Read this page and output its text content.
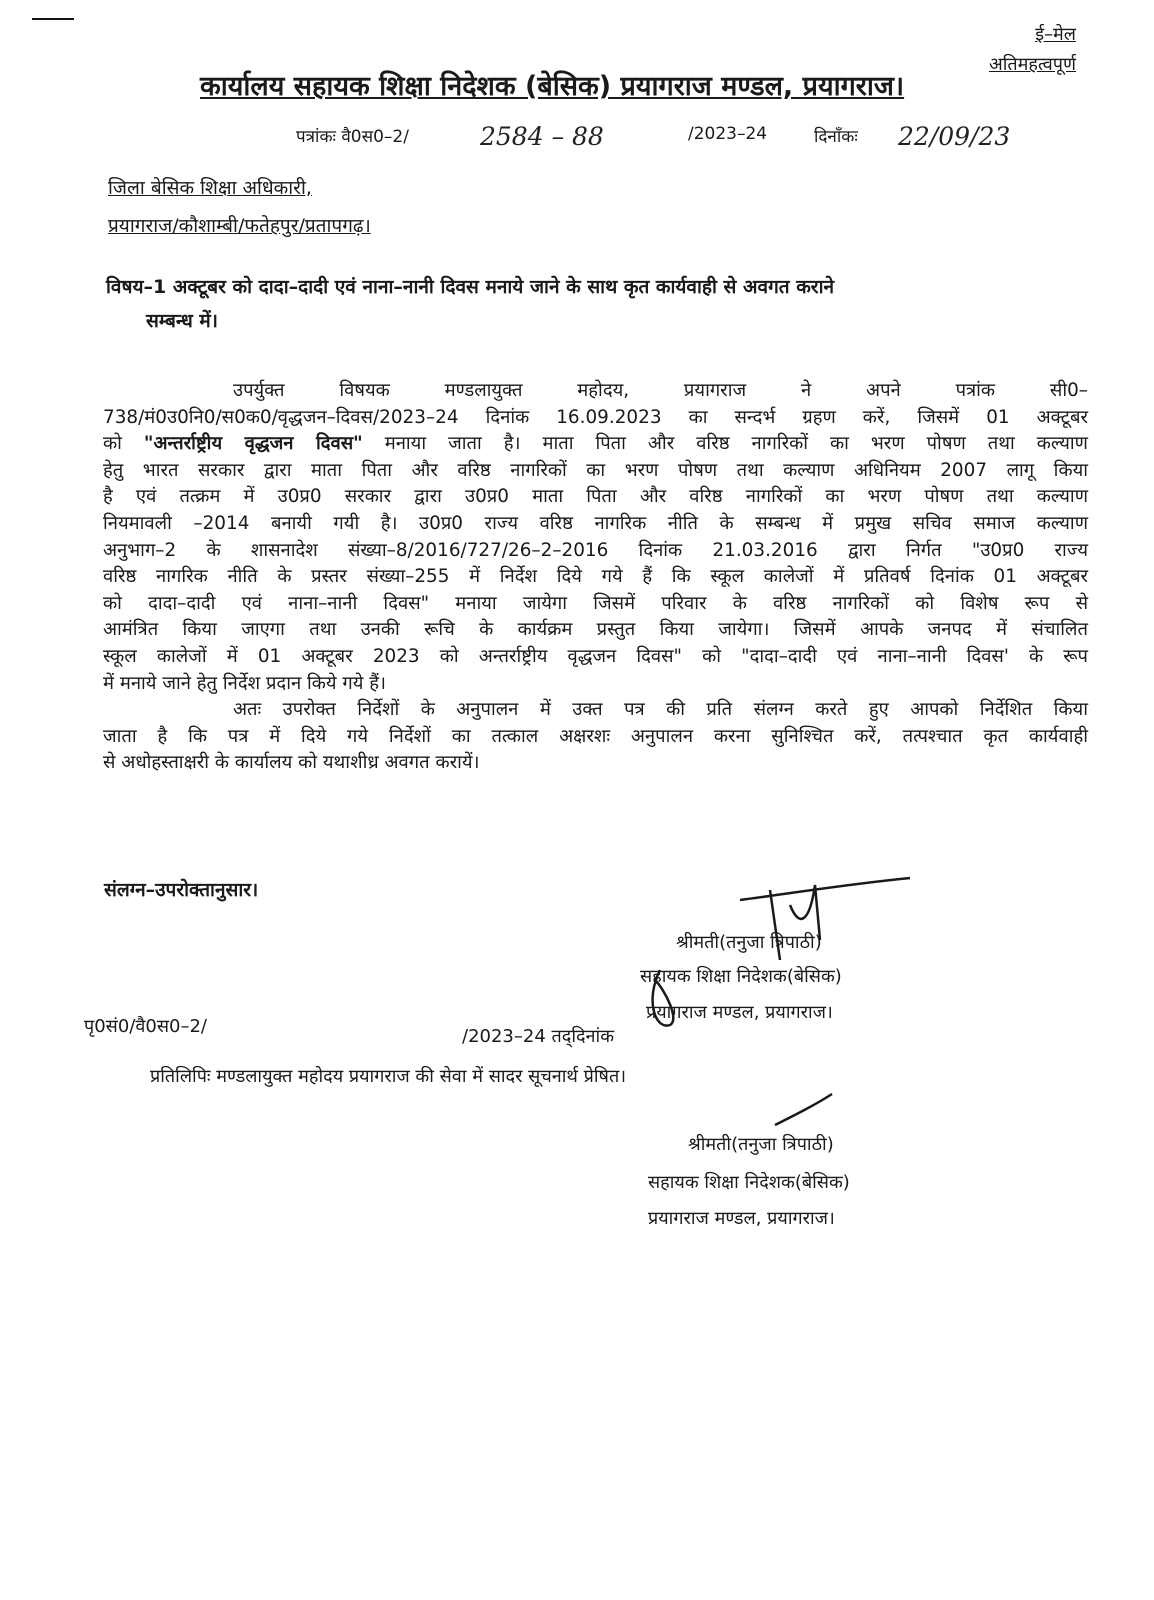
ई–मेल
अतिमहत्वपूर्ण
कार्यालय सहायक शिक्षा निदेशक (बेसिक) प्रयागराज मण्डल, प्रयागराज।
पत्रांकः वै0स0–2/	2584 – 88	/2023–24	दिनाँकः 22/09/23
जिला बेसिक शिक्षा अधिकारी,
प्रयागराज/कौशाम्बी/फतेहपुर/प्रतापगढ़।
विषय–1 अक्टूबर को दादा–दादी एवं नाना–नानी दिवस मनाये जाने के साथ कृत कार्यवाही से अवगत कराने
सम्बन्ध में।
उपर्युक्त विषयक मण्डलायुक्त महोदय, प्रयागराज ने अपने पत्रांक सी0–
738/मं0उ0नि0/स0क0/वृद्धजन–दिवस/2023–24 दिनांक 16.09.2023 का सन्दर्भ ग्रहण करें, जिसमें 01 अक्टूबर
को "अन्तर्राष्ट्रीय वृद्धजन दिवस" मनाया जाता है। माता पिता और वरिष्ठ नागरिकों का भरण पोषण तथा कल्याण
हेतु भारत सरकार द्वारा माता पिता और वरिष्ठ नागरिकों का भरण पोषण तथा कल्याण अधिनियम 2007 लागू किया
है एवं तत्क्रम में उ0प्र0 सरकार द्वारा उ0प्र0 माता पिता और वरिष्ठ नागरिकों का भरण पोषण तथा कल्याण
नियमावली –2014 बनायी गयी है। उ0प्र0 राज्य वरिष्ठ नागरिक नीति के सम्बन्ध में प्रमुख सचिव समाज कल्याण
अनुभाग–2 के शासनादेश संख्या–8/2016/727/26–2–2016 दिनांक 21.03.2016 द्वारा निर्गत "उ0प्र0 राज्य
वरिष्ठ नागरिक नीति के प्रस्तर संख्या–255 में निर्देश दिये गये हैं कि स्कूल कालेजों में प्रतिवर्ष दिनांक 01 अक्टूबर
को दादा–दादी एवं नाना–नानी दिवस" मनाया जायेगा जिसमें परिवार के वरिष्ठ नागरिकों को विशेष रूप से
आमंत्रित किया जाएगा तथा उनकी रूचि के कार्यक्रम प्रस्तुत किया जायेगा। जिसमें आपके जनपद में संचालित
स्कूल कालेजों में 01 अक्टूबर 2023 को अन्तर्राष्ट्रीय वृद्धजन दिवस" को "दादा–दादी एवं नाना–नानी दिवस' के रूप
में मनाये जाने हेतु निर्देश प्रदान किये गये हैं।
अतः उपरोक्त निर्देशों के अनुपालन में उक्त पत्र की प्रति संलग्न करते हुए आपको निर्देशित किया
जाता है कि पत्र में दिये गये निर्देशों का तत्काल अक्षरशः अनुपालन करना सुनिश्चित करें, तत्पश्चात कृत कार्यवाही
से अधोहस्ताक्षरी के कार्यालय को यथाशीध्र अवगत करायें।
संलग्न–उपरोक्तानुसार।
श्रीमती(तनुजा त्रिपाठी)
सहायक शिक्षा निदेशक(बेसिक)
प्रयागराज मण्डल, प्रयागराज।
पृ0सं0/वै0स0–2/	/2023–24 तद्‌दिनांक
प्रतिलिपिः मण्डलायुक्त महोदय प्रयागराज की सेवा में सादर सूचनार्थ प्रेषित।
श्रीमती(तनुजा त्रिपाठी)
सहायक शिक्षा निदेशक(बेसिक)
प्रयागराज मण्डल, प्रयागराज।
